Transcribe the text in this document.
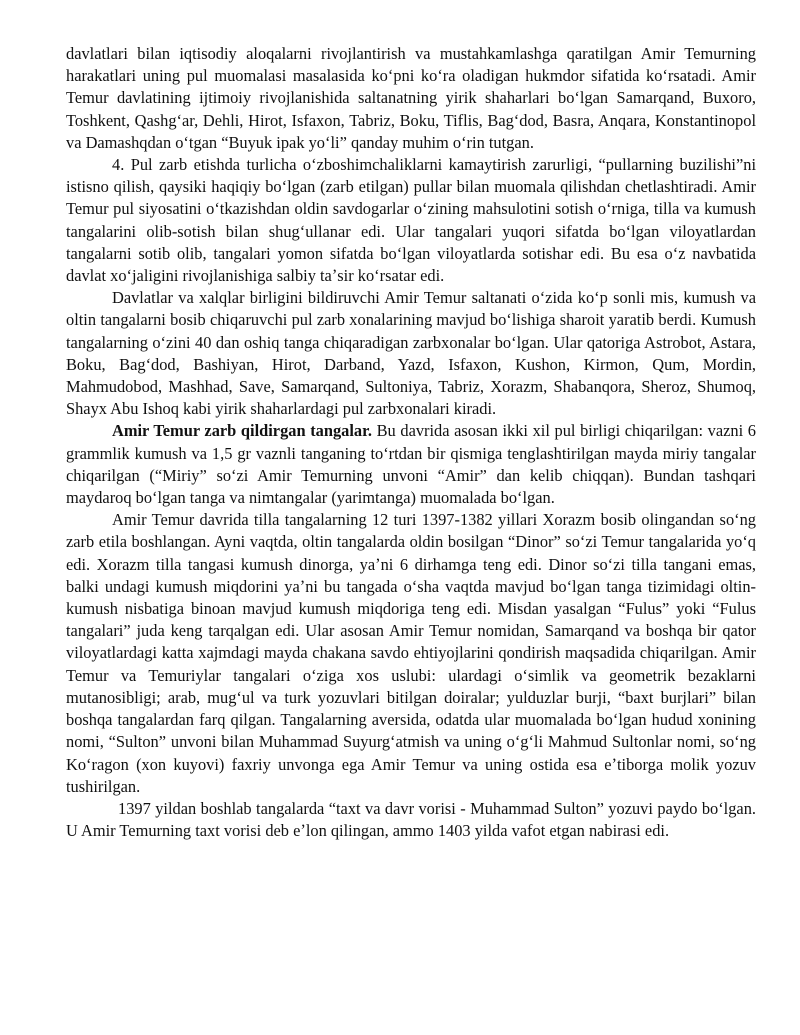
davlatlari bilan iqtisodiy aloqalarni rivojlantirish va mustahkamlashga qaratilgan Amir Temurning harakatlari uning pul muomalasi masalasida koʻpni koʻra oladigan hukmdor sifatida koʻrsatadi. Amir Temur davlatining ijtimoiy rivojlanishida saltanatning yirik shaharlari boʻlgan Samarqand, Buxoro, Toshkent, Qashgʻar, Dehli, Hirot, Isfaxon, Tabriz, Boku, Tiflis, Bagʻdod, Basra, Anqara, Konstantinopol va Damashqdan oʻtgan “Buyuk ipak yoʻli” qanday muhim oʻrin tutgan.

4. Pul zarb etishda turlicha oʻzboshimchaliklarni kamaytirish zarurligi, “pullarning buzilishi”ni istisno qilish, qaysiki haqiqiy boʻlgan (zarb etilgan) pullar bilan muomala qilishdan chetlashtiradi. Amir Temur pul siyosatini oʻtkazishdan oldin savdogarlar oʻzining mahsulotini sotish oʻrniga, tilla va kumush tangalarini olib-sotish bilan shugʻullanar edi. Ular tangalari yuqori sifatda boʻlgan viloyatlardan tangalarni sotib olib, tangalari yomon sifatda boʻlgan viloyatlarda sotishar edi. Bu esa oʻz navbatida davlat xoʻjaligini rivojlanishiga salbiy taʼsir koʻrsatar edi.

Davlatlar va xalqlar birligini bildiruvchi Amir Temur saltanati oʻzida koʻp sonli mis, kumush va oltin tangalarni bosib chiqaruvchi pul zarb xonalarining mavjud boʻlishiga sharoit yaratib berdi. Kumush tangalarning oʻzini 40 dan oshiq tanga chiqaradigan zarbxonalar boʻlgan. Ular qatoriga Astrobot, Astara, Boku, Bagʻdod, Bashiyan, Hirot, Darband, Yazd, Isfaxon, Kushon, Kirmon, Qum, Mordin, Mahmudobod, Mashhad, Save, Samarqand, Sultoniya, Tabriz, Xorazm, Shabanqora, Sheroz, Shumoq, Shayx Abu Ishoq kabi yirik shaharlardagi pul zarbxonalari kiradi.

Amir Temur zarb qildirgan tangalar. Bu davrida asosan ikki xil pul birligi chiqarilgan: vazni 6 grammlik kumush va 1,5 gr vaznli tanganing toʻrtdan bir qismiga tenglashtirilgan mayda miriy tangalar chiqarilgan (“Miriy” soʻzi Amir Temurning unvoni “Amir” dan kelib chiqqan). Bundan tashqari maydaroq boʻlgan tanga va nimtangalar (yarimtanga) muomalada boʻlgan.

Amir Temur davrida tilla tangalarning 12 turi 1397-1382 yillari Xorazm bosib olingandan soʻng zarb etila boshlangan. Ayni vaqtda, oltin tangalarda oldin bosilgan “Dinor” soʻzi Temur tangalarida yoʻq edi. Xorazm tilla tangasi kumush dinorga, yaʼni 6 dirhamga teng edi. Dinor soʻzi tilla tangani emas, balki undagi kumush miqdorini yaʼni bu tangada oʻsha vaqtda mavjud boʻlgan tanga tizimidagi oltin-kumush nisbatiga binoan mavjud kumush miqdoriga teng edi. Misdan yasalgan “Fulus” yoki “Fulus tangalari” juda keng tarqalgan edi. Ular asosan Amir Temur nomidan, Samarqand va boshqa bir qator viloyatlardagi katta xajmdagi mayda chakana savdo ehtiyojlarini qondirish maqsadida chiqarilgan. Amir Temur va Temuriylar tangalari oʻziga xos uslubi: ulardagi oʻsimlik va geometrik bezaklarni mutanosibligi; arab, mugʻul va turk yozuvlari bitilgan doiralar; yulduzlar burji, “baxt burjlari” bilan boshqa tangalardan farq qilgan. Tangalarning aversida, odatda ular muomalada boʻlgan hudud xonining nomi, “Sulton” unvoni bilan Muhammad Suyurgʻatmish va uning oʻgʻli Mahmud Sultonlar nomi, soʻng Koʻragon (xon kuyovi) faxriy unvonga ega Amir Temur va uning ostida esa eʼtiborga molik yozuv tushirilgan.

1397 yildan boshlab tangalarda “taxt va davr vorisi - Muhammad Sulton” yozuvi paydo boʻlgan. U Amir Temurning taxt vorisi deb eʼlon qilingan, ammo 1403 yilda vafot etgan nabirasi edi.
